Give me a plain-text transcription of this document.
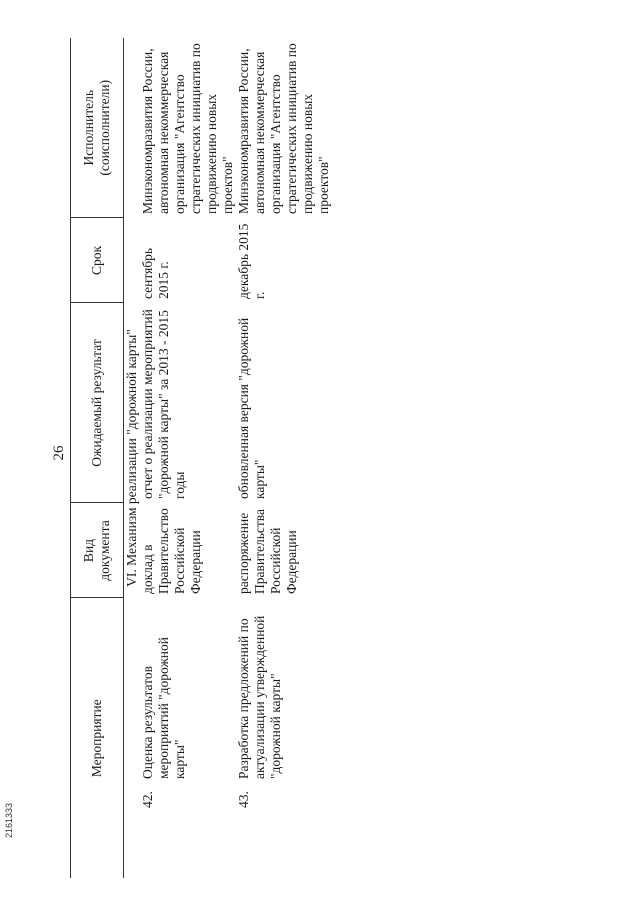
26
Мероприятие		Вид документа	Ожидаемый результат	Срок	Исполнитель (соисполнители)

VI. Механизм реализации "дорожной карты"					
42.	Оценка результатов мероприятий "дорожной карты"	доклад в Правительство Российской Федерации	отчет о реализации мероприятий "дорожной карты" за 2013 - 2015 годы	сентябрь 2015 г.	Минэкономразвития России, автономная некоммерческая организация "Агентство стратегических инициатив по продвижению новых проектов"
43.	Разработка предложений по актуализации утвержденной "дорожной карты"	распоряжение Правительства Российской Федерации	обновленная версия "дорожной карты"	декабрь 2015 г.	Минэкономразвития России, автономная некоммерческая организация "Агентство стратегических инициатив по продвижению новых проектов"
2161333
